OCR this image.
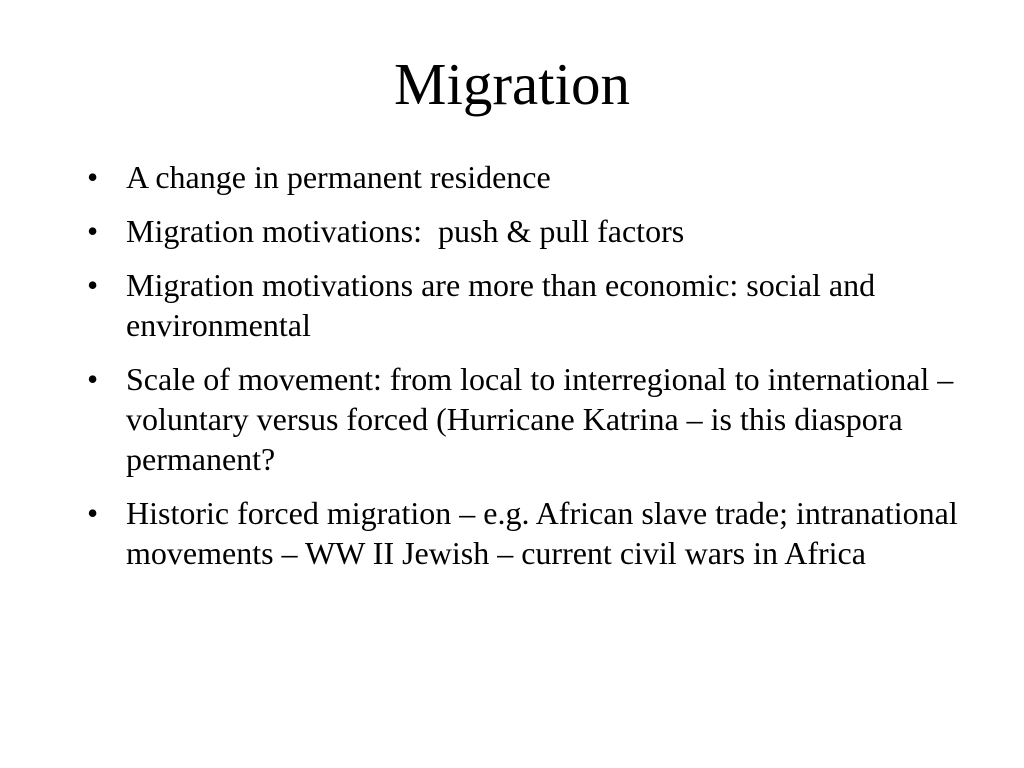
Migration
• A change in permanent residence
• Migration motivations:  push & pull factors
• Migration motivations are more than economic: social and environmental
• Scale of movement: from local to interregional to international – voluntary versus forced (Hurricane Katrina – is this diaspora permanent?
• Historic forced migration – e.g. African slave trade; intranational movements – WW II Jewish – current civil wars in Africa
